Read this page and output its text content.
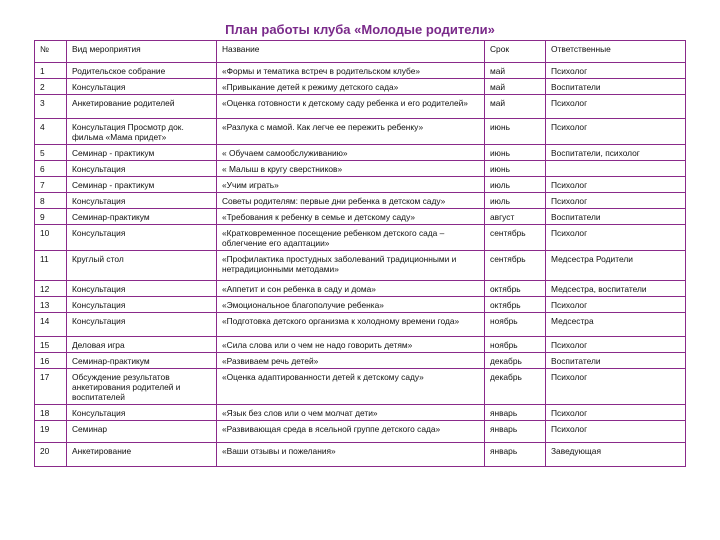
План работы клуба «Молодые родители»
№	Вид мероприятия	Название	Срок	Ответственные
1	Родительское собрание	«Формы и тематика встреч в родительском клубе»	май	Психолог
2	Консультация	«Привыкание детей к режиму детского сада»	май	Воспитатели
3	Анкетирование родителей	«Оценка готовности к детскому саду ребенка и его родителей»	май	Психолог
4	Консультация Просмотр док. фильма «Мама придет»	«Разлука с мамой. Как легче ее пережить ребенку»	июнь	Психолог
5	Семинар - практикум	« Обучаем самообслуживанию»	июнь	Воспитатели, психолог
6	Консультация	« Малыш в кругу сверстников»	июнь	
7	Семинар - практикум	«Учим играть»	июль	Психолог
8	Консультация	Советы родителям: первые дни ребенка в детском саду»	июль	Психолог
9	Семинар-практикум	«Требования к ребенку в семье и детскому саду»	август	Воспитатели
10	Консультация	«Кратковременное посещение ребенком детского сада – облегчение его адаптации»	сентябрь	Психолог
11	Круглый стол	«Профилактика простудных заболеваний традиционными и нетрадиционными методами»	сентябрь	Медсестра Родители
12	Консультация	«Аппетит и сон ребенка в саду и дома»	октябрь	Медсестра, воспитатели
13	Консультация	«Эмоциональное благополучие ребенка»	октябрь	Психолог
14	Консультация	«Подготовка детского организма к холодному времени года»	ноябрь	Медсестра
15	Деловая игра	«Сила слова или о чем не надо говорить детям»	ноябрь	Психолог
16	Семинар-практикум	«Развиваем речь детей»	декабрь	Воспитатели
17	Обсуждение результатов анкетирования родителей и воспитателей	«Оценка адаптированности детей к детскому саду»	декабрь	Психолог
18	Консультация	«Язык без слов или о чем молчат дети»	январь	Психолог
19	Семинар	«Развивающая среда в ясельной группе детского сада»	январь	Психолог
20	Анкетирование	«Ваши отзывы и пожелания»	январь	Заведующая
